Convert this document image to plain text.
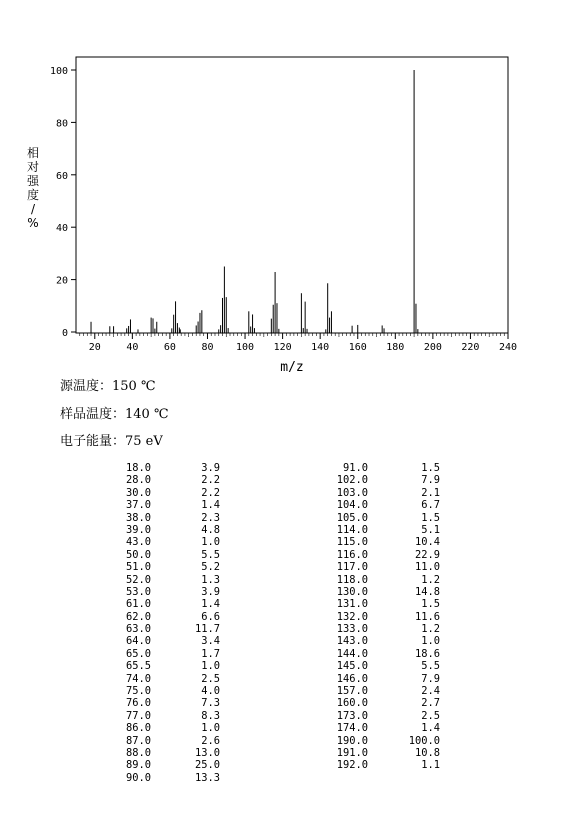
0
20
40
60
80
100
20	40	60	80 100 120 140 160 180 200 220 240
相对强度/ %
m/z
源温度：150 ℃
样品温度：140 ℃
电子能量：75 eV
18.0	3.9
28.0	2.2
30.0	2.2
37.0	1.4
38.0	2.3
39.0	4.8
43.0	1.0
50.0	5.5
51.0	5.2
52.0	1.3
53.0	3.9
61.0	1.4
62.0	6.6
63.0	11.7
64.0	3.4
65.0	1.7
65.5	1.0
74.0	2.5
75.0	4.0
76.0	7.3
77.0	8.3
86.0	1.0
87.0	2.6
88.0	13.0
89.0	25.0
90.0	13.3
91.0	1.5
102.0	7.9
103.0	2.1
104.0	6.7
105.0	1.5
114.0	5.1
115.0	10.4
116.0	22.9
117.0	11.0
118.0	1.2
130.0	14.8
131.0	1.5
132.0	11.6
133.0	1.2
143.0	1.0
144.0	18.6
145.0	5.5
146.0	7.9
157.0	2.4
160.0	2.7
173.0	2.5
174.0	1.4
190.0	100.0
191.0	10.8
192.0	1.1
